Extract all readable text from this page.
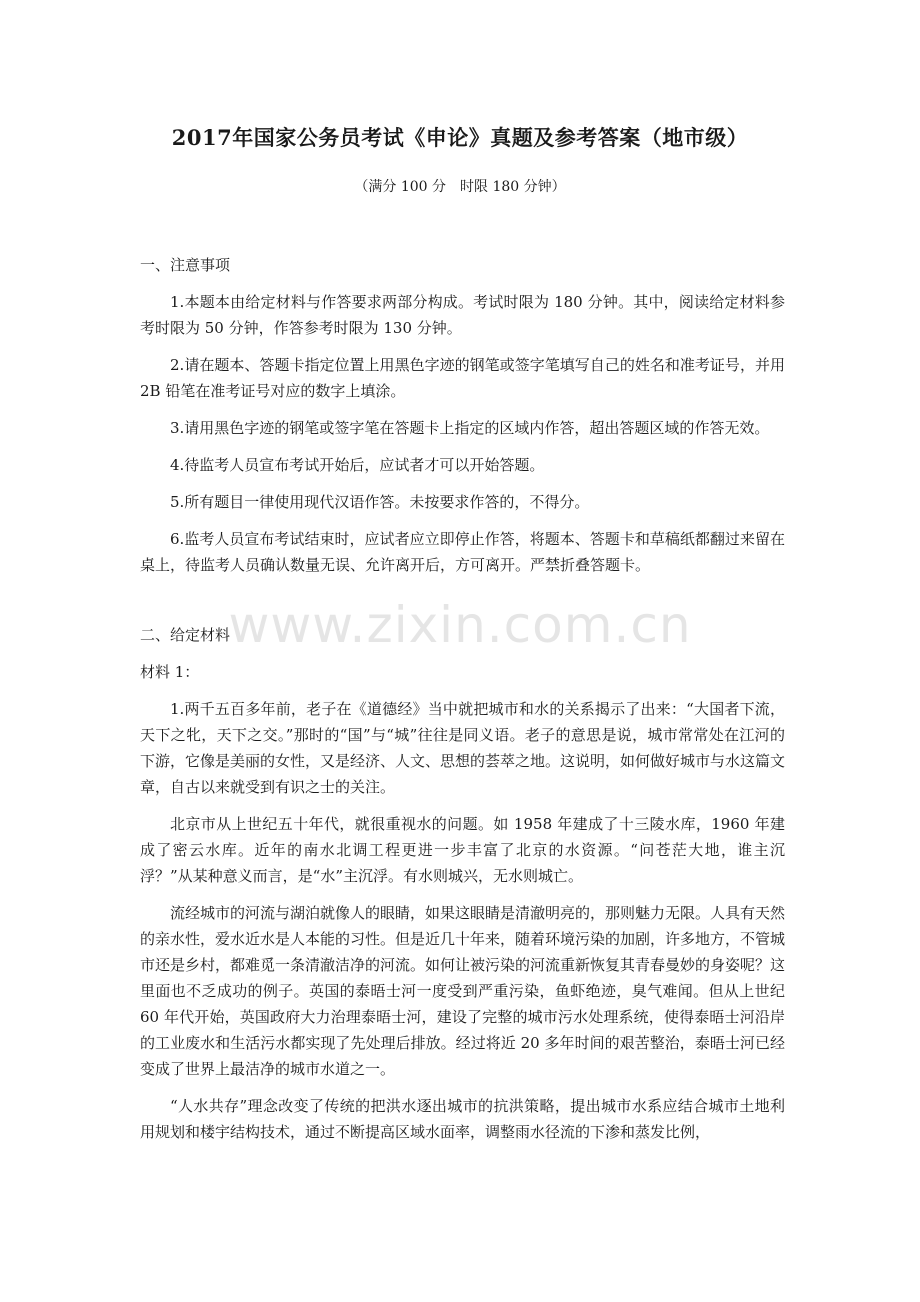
2017年国家公务员考试《申论》真题及参考答案（地市级）
（满分 100 分　时限 180 分钟）

一、注意事项

1.本题本由给定材料与作答要求两部分构成。考试时限为 180 分钟。其中，阅读给定材料参考时限为 50 分钟，作答参考时限为 130 分钟。

2.请在题本、答题卡指定位置上用黑色字迹的钢笔或签字笔填写自己的姓名和准考证号，并用 2B 铅笔在准考证号对应的数字上填涂。

3.请用黑色字迹的钢笔或签字笔在答题卡上指定的区域内作答，超出答题区域的作答无效。

4.待监考人员宣布考试开始后，应试者才可以开始答题。

5.所有题目一律使用现代汉语作答。未按要求作答的，不得分。

6.监考人员宣布考试结束时，应试者应立即停止作答，将题本、答题卡和草稿纸都翻过来留在桌上，待监考人员确认数量无误、允许离开后，方可离开。严禁折叠答题卡。

二、给定材料

材料 1：

1.两千五百多年前，老子在《道德经》当中就把城市和水的关系揭示了出来：“大国者下流，天下之牝，天下之交。”那时的“国”与“城”往往是同义语。老子的意思是说，城市常常处在江河的下游，它像是美丽的女性，又是经济、人文、思想的荟萃之地。这说明，如何做好城市与水这篇文章，自古以来就受到有识之士的关注。

北京市从上世纪五十年代，就很重视水的问题。如 1958 年建成了十三陵水库，1960 年建成了密云水库。近年的南水北调工程更进一步丰富了北京的水资源。“问苍茫大地，谁主沉浮？”从某种意义而言，是“水”主沉浮。有水则城兴，无水则城亡。

流经城市的河流与湖泊就像人的眼睛，如果这眼睛是清澈明亮的，那则魅力无限。人具有天然的亲水性，爱水近水是人本能的习性。但是近几十年来，随着环境污染的加剧，许多地方，不管城市还是乡村，都难觅一条清澈洁净的河流。如何让被污染的河流重新恢复其青春曼妙的身姿呢？这里面也不乏成功的例子。英国的泰晤士河一度受到严重污染，鱼虾绝迹，臭气难闻。但从上世纪 60 年代开始，英国政府大力治理泰晤士河，建设了完整的城市污水处理系统，使得泰晤士河沿岸的工业废水和生活污水都实现了先处理后排放。经过将近 20 多年时间的艰苦整治，泰晤士河已经变成了世界上最洁净的城市水道之一。

“人水共存”理念改变了传统的把洪水逐出城市的抗洪策略，提出城市水系应结合城市土地利用规划和楼宇结构技术，通过不断提高区域水面率，调整雨水径流的下渗和蒸发比例，

www.zixin.com.cn
